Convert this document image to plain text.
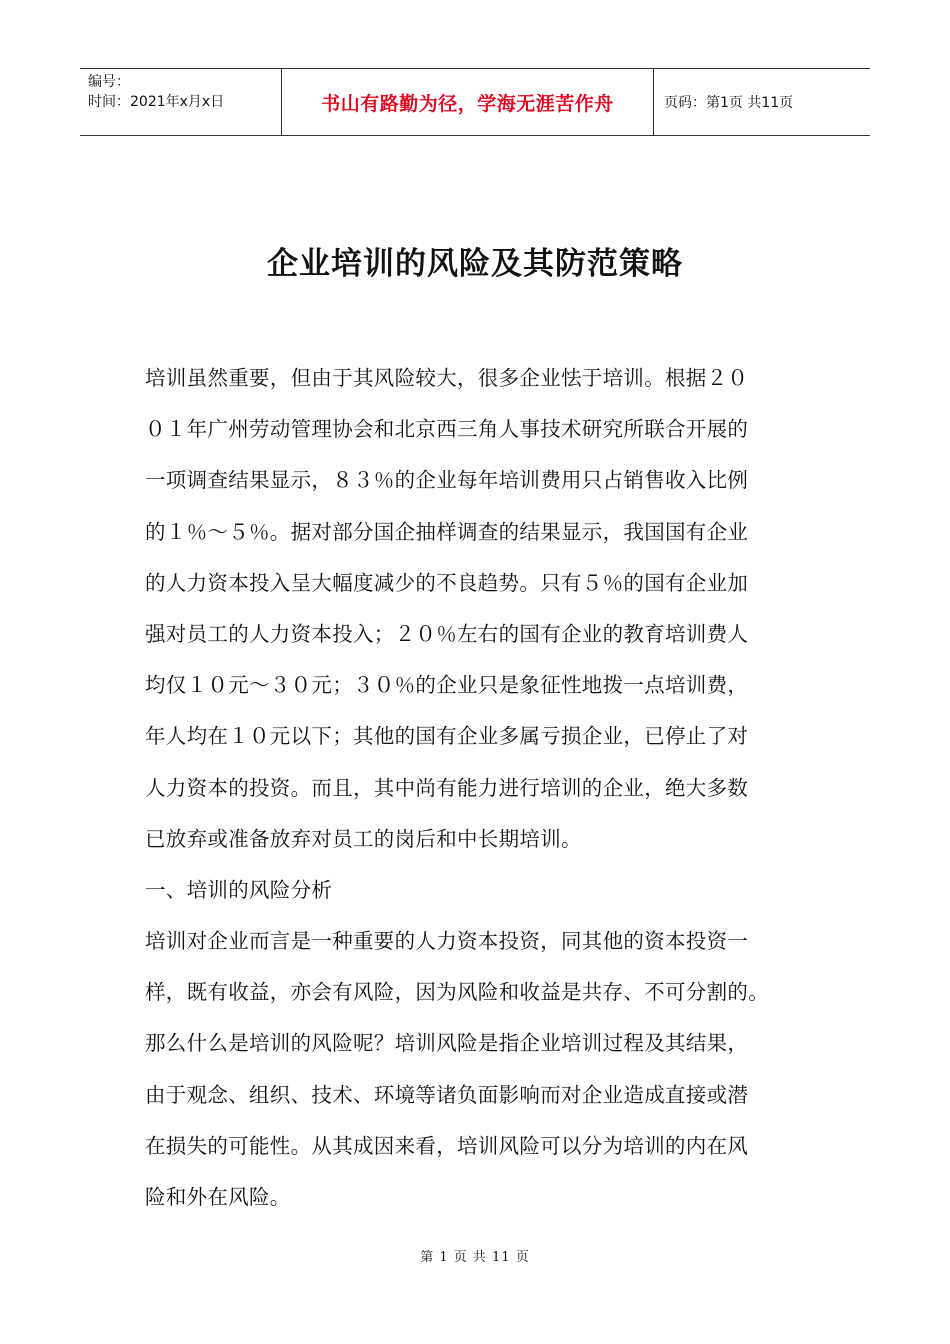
编号：
时间：2021年x月x日	书山有路勤为径，学海无涯苦作舟	页码：第1页 共11页
企业培训的风险及其防范策略
培训虽然重要，但由于其风险较大，很多企业怯于培训。根据２０
０１年广州劳动管理协会和北京西三角人事技术研究所联合开展的
一项调查结果显示，８３％的企业每年培训费用只占销售收入比例
的１％～５％。据对部分国企抽样调查的结果显示，我国国有企业
的人力资本投入呈大幅度减少的不良趋势。只有５％的国有企业加
强对员工的人力资本投入；２０％左右的国有企业的教育培训费人
均仅１０元～３０元；３０％的企业只是象征性地拨一点培训费，
年人均在１０元以下；其他的国有企业多属亏损企业，已停止了对
人力资本的投资。而且，其中尚有能力进行培训的企业，绝大多数
已放弃或准备放弃对员工的岗后和中长期培训。
一、培训的风险分析
培训对企业而言是一种重要的人力资本投资，同其他的资本投资一
样，既有收益，亦会有风险，因为风险和收益是共存、不可分割的。
那么什么是培训的风险呢？培训风险是指企业培训过程及其结果，
由于观念、组织、技术、环境等诸负面影响而对企业造成直接或潜
在损失的可能性。从其成因来看，培训风险可以分为培训的内在风
险和外在风险。
第 1 页 共 11 页
